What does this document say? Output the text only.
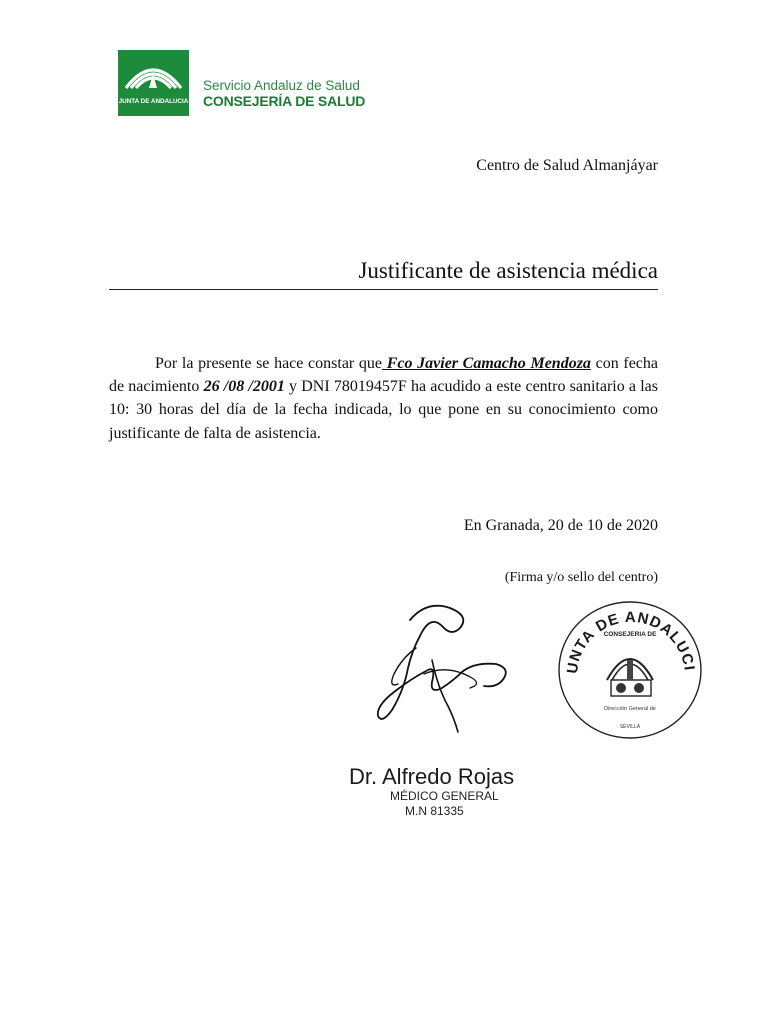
JUNTA DE ANDALUCIA
Servicio Andaluz de Salud
CONSEJERÍA DE SALUD
Centro de Salud Almanjáyar
Justificante de asistencia médica
Por la presente se hace constar que Fco Javier Camacho Mendoza con fecha de nacimiento 26 /08 /2001 y DNI 78019457F ha acudido a este centro sanitario a las 10: 30 horas del día de la fecha indicada, lo que pone en su conocimiento como justificante de falta de asistencia.
En Granada, 20 de 10 de 2020
(Firma y/o sello del centro)
UNTA DE ANDALUCI
CONSEJERIA DE
Dirección General de
SEVILLA
Dr. Alfredo Rojas
MÉDICO GENERAL
M.N 81335
